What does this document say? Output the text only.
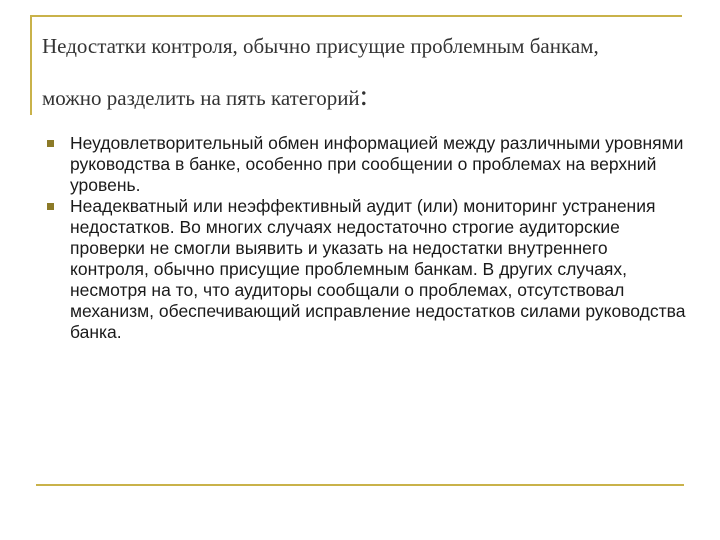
Недостатки контроля, обычно присущие проблемным банкам,
можно разделить на пять категорий:
Неудовлетворительный обмен информацией между различными уровнями руководства в банке, особенно при сообщении о проблемах на верхний уровень.
Неадекватный или неэффективный аудит (или) мониторинг устранения недостатков. Во многих случаях недостаточно строгие аудиторские проверки не смогли выявить и указать на недостатки внутреннего контроля, обычно присущие проблемным банкам. В других случаях, несмотря на то, что аудиторы сообщали о проблемах, отсутствовал механизм, обеспечивающий исправление недостатков силами руководства банка.
